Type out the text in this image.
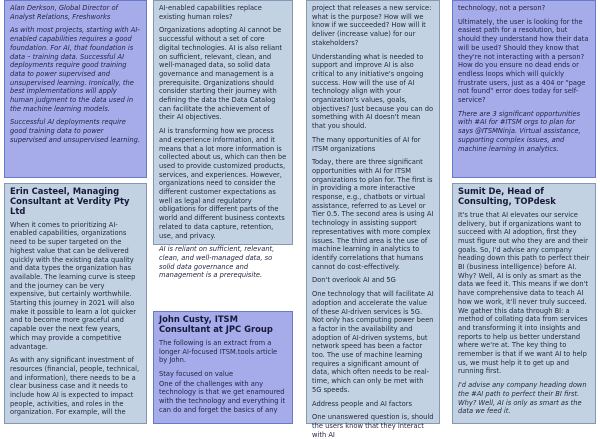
Alan Derkson, Global Director of Analyst Relations, Freshworks

As with most projects, starting with AI-enabled capabilities requires a good foundation. For AI, that foundation is data – training data. Successful AI deployments require good training data to power supervised and unsupervised learning. Ironically, the best implementations will apply human judgment to the data used in the machine learning models.

Successful AI deployments require good training data to power supervised and unsupervised learning.

Erin Casteel, Managing Consultant at Verdity Pty Ltd

When it comes to prioritizing AI-enabled capabilities, organizations need to be super targeted on the highest value that can be delivered quickly with the existing data quality and data types the organization has available. The learning curve is steep and the journey can be very expensive, but certainly worthwhile. Starting this journey in 2021 will also make it possible to learn a lot quicker and to become more graceful and capable over the next few years, which may provide a competitive advantage.

As with any significant investment of resources (financial, people, technical, and information), there needs to be a clear business case and it needs to include how AI is expected to impact people, activities, and roles in the organization. For example, will the

AI-enabled capabilities replace existing human roles?

Organizations adopting AI cannot be successful without a set of core digital technologies. AI is also reliant on sufficient, relevant, clean, and well-managed data, so solid data governance and management is a prerequisite. Organizations should consider starting their journey with defining the data the Data Catalog can facilitate the achievement of their AI objectives.

AI is transforming how we process and experience information, and it means that a lot more information is collected about us, which can then be used to provide customized products, services, and experiences. However, organizations need to consider the different customer expectations as well as legal and regulatory obligations for different parts of the world and different business contexts related to data capture, retention, use, and privacy.

AI is reliant on sufficient, relevant, clean, and well-managed data, so solid data governance and management is a prerequisite.

John Custy, ITSM Consultant at JPC Group

The following is an extract from a longer AI-focused ITSM.tools article by John.

Stay focused on value

One of the challenges with any technology is that we get enamoured with the technology and everything it can do and forget the basics of any

project that releases a new service: what is the purpose? How will we know if we succeeded? How will it deliver (increase value) for our stakeholders?

Understanding what is needed to support and improve AI is also critical to any initiative's ongoing success. How will the use of AI technology align with your organization's values, goals, objectives? Just because you can do something with AI doesn't mean that you should.

The many opportunities of AI for ITSM organizations

Today, there are three significant opportunities with AI for ITSM organizations to plan for. The first is in providing a more interactive response, e.g., chatbots or virtual assistance, referred to as Level or Tier 0.5. The second area is using AI technology in assisting support representatives with more complex issues. The third area is the use of machine learning in analytics to identify correlations that humans cannot do cost-effectively.

Don't overlook AI and 5G

One technology that will facilitate AI adoption and accelerate the value of these AI-driven services is 5G. Not only has computing power been a factor in the availability and adoption of AI-driven systems, but network speed has been a factor too. The use of machine learning requires a significant amount of data, which often needs to be real-time, which can only be met with 5G speeds.

Address people and AI factors

One unanswered question is, should the users know that they interact with AI

technology, not a person?

Ultimately, the user is looking for the easiest path for a resolution, but should they understand how their data will be used? Should they know that they're not interacting with a person? How do you ensure no dead ends or endless loops which will quickly frustrate users, just as a 404 or "page not found" error does today for self-service?

There are 3 significant opportunities with #AI for #ITSM orgs to plan for says @ITSMNinja. Virtual assistance, supporting complex issues, and machine learning in analytics.

Sumit De, Head of Consulting, TOPdesk

It's true that AI elevates our service delivery, but if organizations want to succeed with AI adoption, first they must figure out who they are and their goals. So, I'd advise any company heading down this path to perfect their BI (business intelligence) before AI. Why? Well, AI is only as smart as the data we feed it. This means if we don't have comprehensive data to teach AI how we work, it'll never truly succeed. We gather this data through BI: a method of collating data from services and transforming it into insights and reports to help us better understand where we're at. The key thing to remember is that if we want AI to help us, we must help it to get up and running first.

I'd advise any company heading down the #AI path to perfect their BI first. Why? Well, AI is only as smart as the data we feed it.
